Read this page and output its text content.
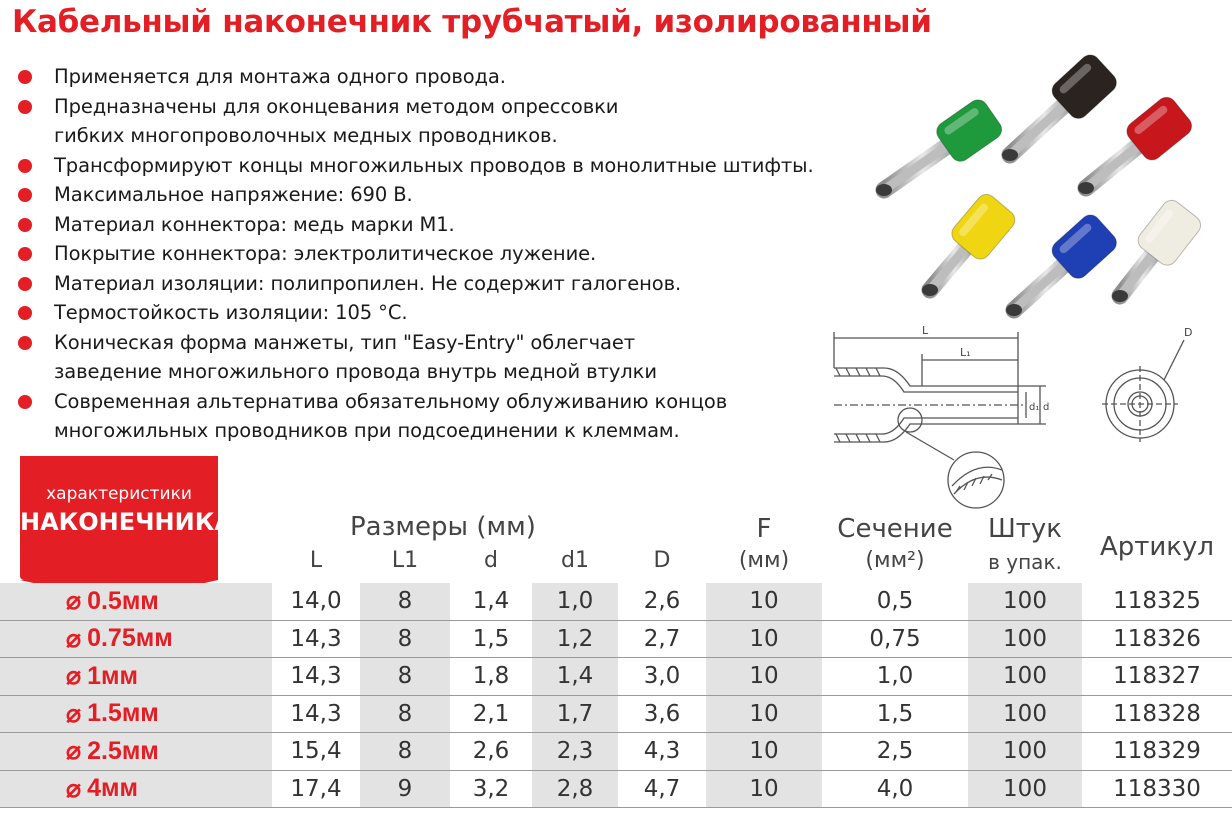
Кабельный наконечник трубчатый, изолированный
Применяется для монтажа одного провода.
Предназначены для оконцевания методом опрессовки
гибких многопроволочных медных проводников.
Трансформируют концы многожильных проводов в монолитные штифты.
Максимальное напряжение: 690 В.
Материал коннектора: медь марки М1.
Покрытие коннектора: электролитическое лужение.
Материал изоляции: полипропилен. Не содержит галогенов.
Термостойкость изоляции: 105 °С.
Коническая форма манжеты, тип "Easy-Entry" облегчает
заведение многожильного провода внутрь медной втулки
Современная альтернатива обязательному облуживанию концов
многожильных проводников при подсоединении к клеммам.
L
L₁
d₁ d
D
характеристики
НАКОНЕЧНИКА	Размеры (мм)
L	L1	d	d1	D
F
(мм)
Сечение
(мм²)
Штук
в упак.	Артикул
⌀ 0.5мм	14,0	8	1,4	1,0	2,6	10	0,5	100	118325
⌀ 0.75мм	14,3	8	1,5	1,2	2,7	10	0,75	100	118326
⌀ 1мм	14,3	8	1,8	1,4	3,0	10	1,0	100	118327
⌀ 1.5мм	14,3	8	2,1	1,7	3,6	10	1,5	100	118328
⌀ 2.5мм	15,4	8	2,6	2,3	4,3	10	2,5	100	118329
⌀ 4мм	17,4	9	3,2	2,8	4,7	10	4,0	100	118330
